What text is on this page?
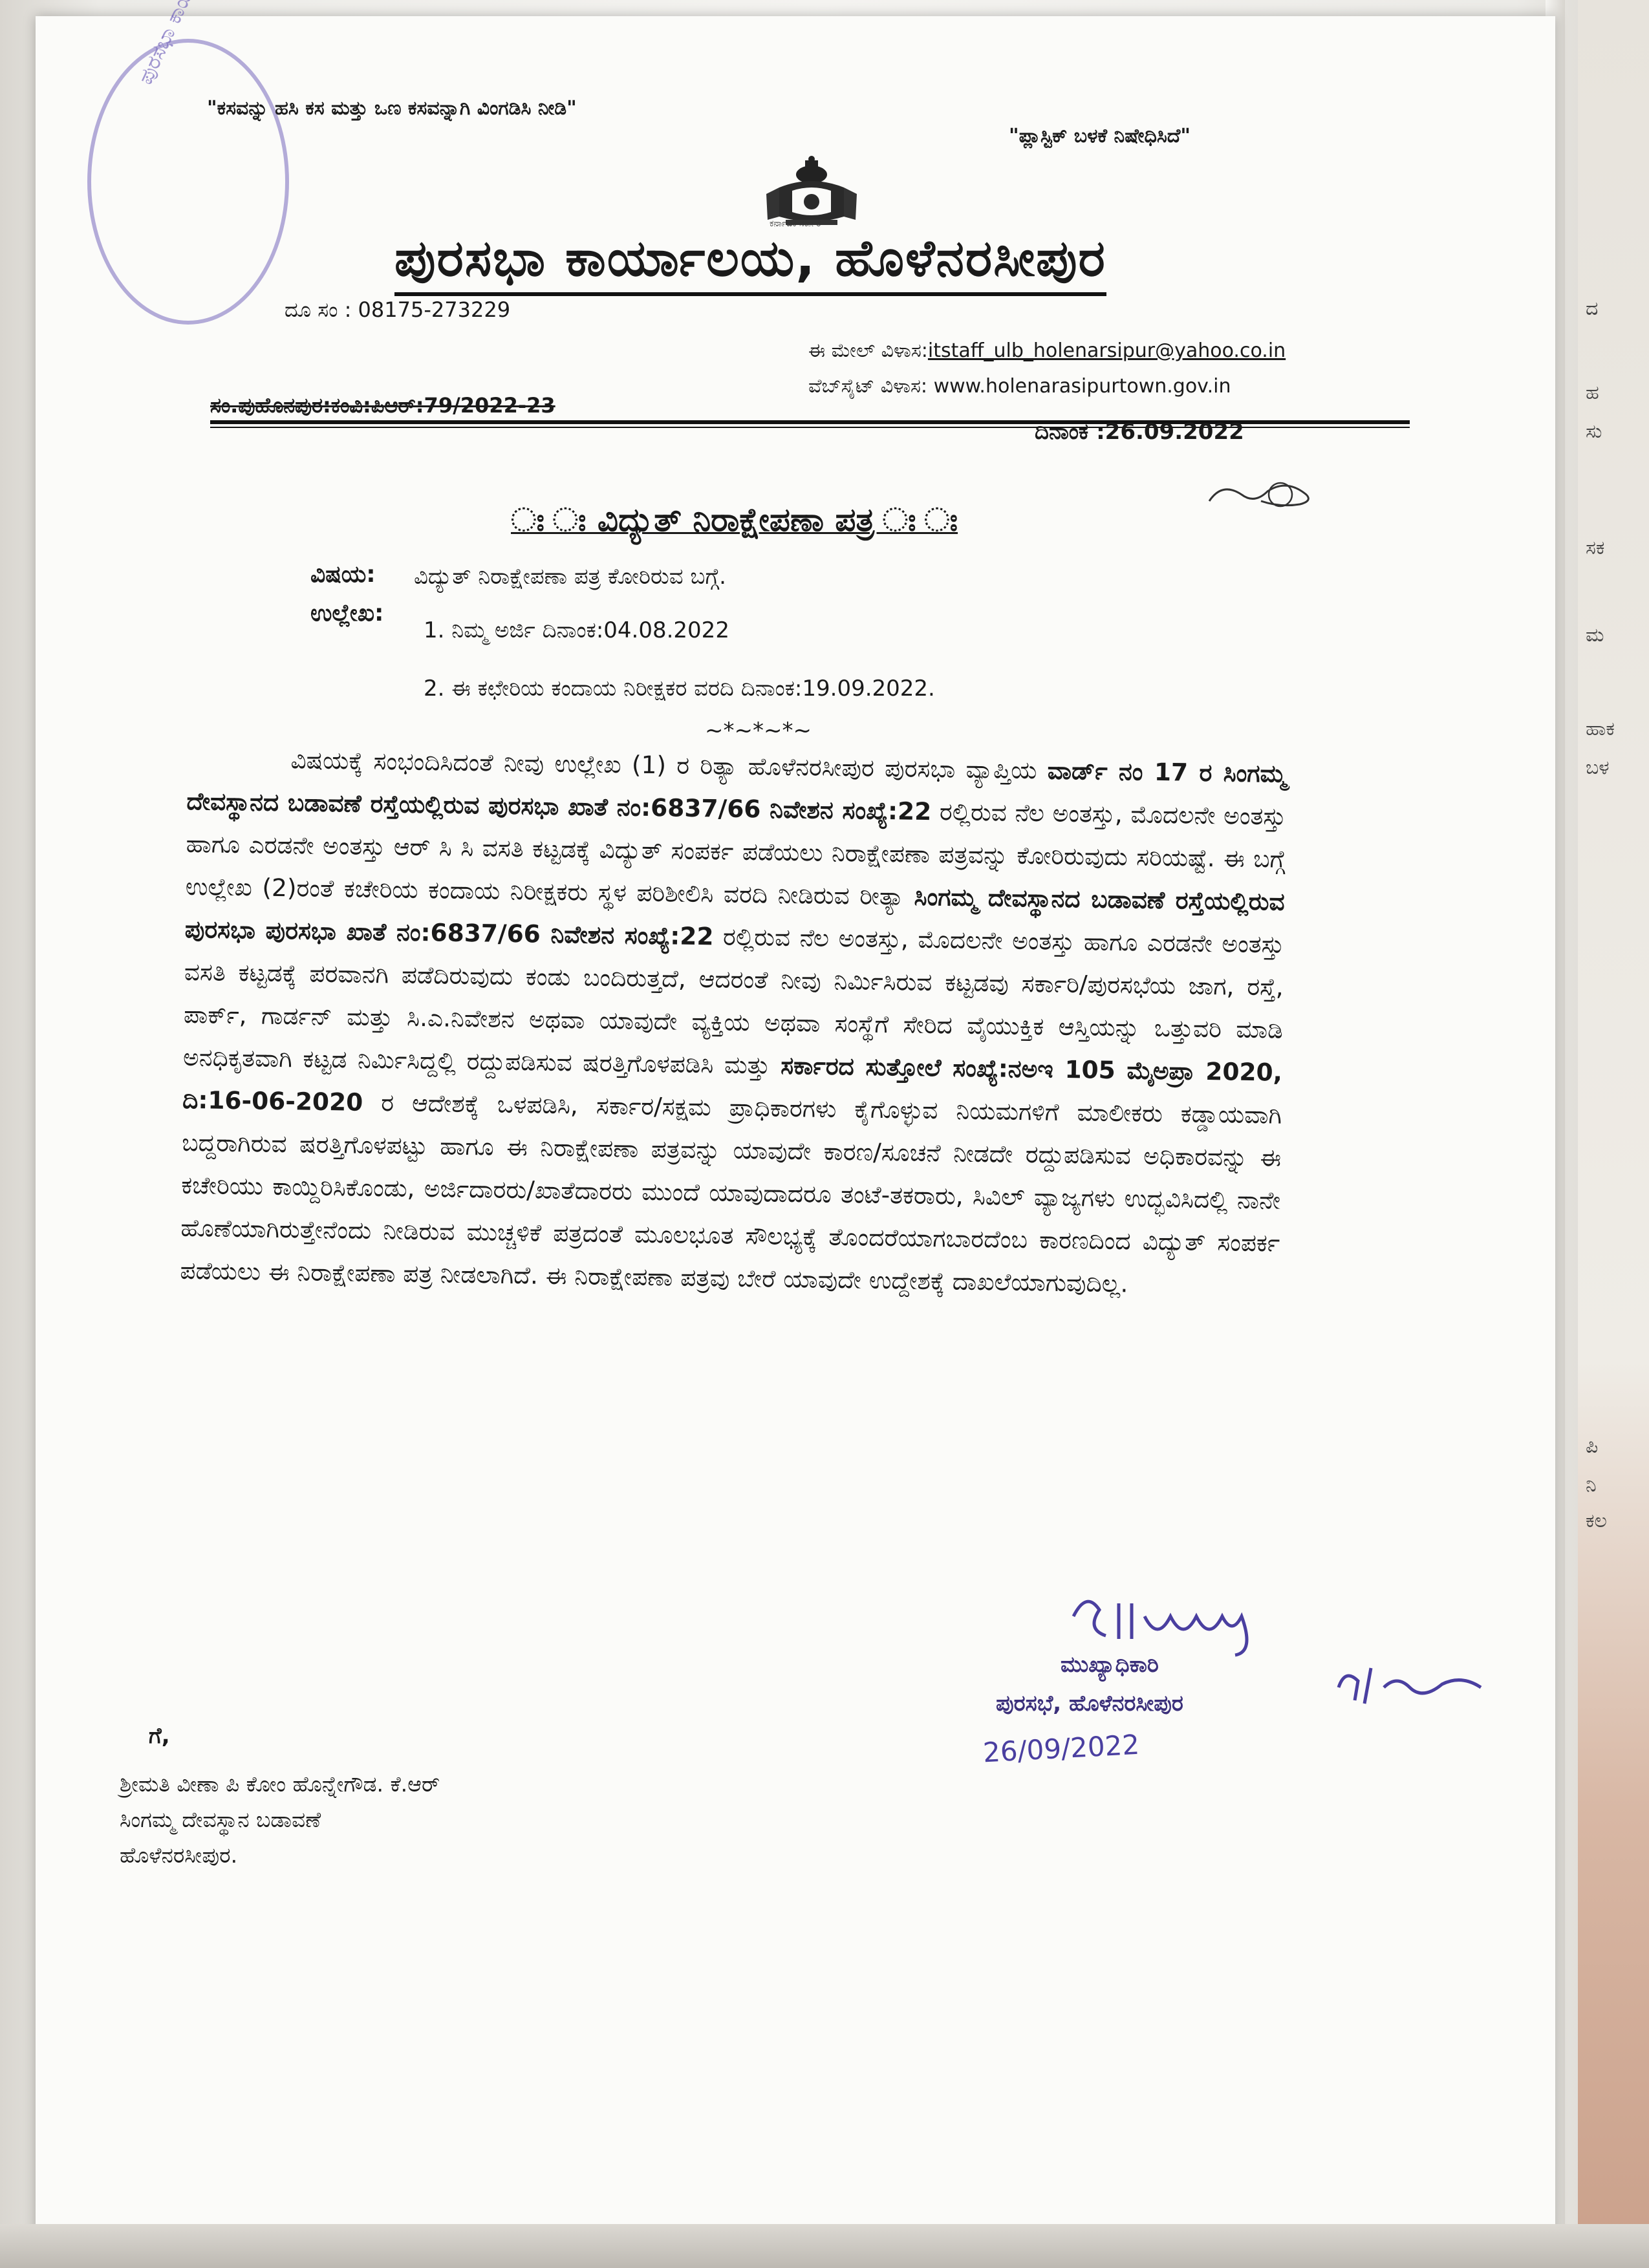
ದ
ಹ
ಸು
ಸಕ
ಮ
ಹಾಕ
ಬಳ
ಪಿ
ನಿ
ಕಲ
"ಕಸವನ್ನು ಹಸಿ ಕಸ ಮತ್ತು ಒಣ ಕಸವನ್ನಾಗಿ ವಿಂಗಡಿಸಿ ನೀಡಿ"
"ಪ್ಲಾಸ್ಟಿಕ್ ಬಳಕೆ ನಿಷೇಧಿಸಿದೆ"
ಕರ್ನಾಟಕ ಸರ್ಕಾರ
ಪುರಸಭಾ ಕಾರ್ಯಾಲಯ, ಹೊಳೆನರಸೀಪುರ
ದೂ ಸಂ : 08175-273229
ಈ ಮೇಲ್ ವಿಳಾಸ:itstaff_ulb_holenarsipur@yahoo.co.in
ವೆಬ್‌ಸೈಟ್ ವಿಳಾಸ: www.holenarasipurtown.gov.in
ಸಂ.ಪುಹೊನಪುರ:ಕಂವಿ:ಪಿಆರ್:79/2022-23
ದಿನಾಂಕ :26.09.2022
ಃ ಃ ವಿದ್ಯುತ್ ನಿರಾಕ್ಷೇಪಣಾ ಪತ್ರ ಃ ಃ
ವಿಷಯ: ವಿದ್ಯುತ್ ನಿರಾಕ್ಷೇಪಣಾ ಪತ್ರ ಕೋರಿರುವ ಬಗ್ಗೆ.
ಉಲ್ಲೇಖ:
1. ನಿಮ್ಮ ಅರ್ಜಿ ದಿನಾಂಕ:04.08.2022
2. ಈ ಕಛೇರಿಯ ಕಂದಾಯ ನಿರೀಕ್ಷಕರ ವರದಿ ದಿನಾಂಕ:19.09.2022.
~*~*~*~
ವಿಷಯಕ್ಕೆ ಸಂಭಂದಿಸಿದಂತೆ ನೀವು ಉಲ್ಲೇಖ (1) ರ ರಿತ್ಯಾ ಹೊಳೆನರಸೀಪುರ ಪುರಸಭಾ ವ್ಯಾಪ್ತಿಯ ವಾರ್ಡ್ ನಂ 17 ರ ಸಿಂಗಮ್ಮ ದೇವಸ್ಥಾನದ ಬಡಾವಣೆ ರಸ್ತೆಯಲ್ಲಿರುವ ಪುರಸಭಾ ಖಾತೆ ನಂ:6837/66 ನಿವೇಶನ ಸಂಖ್ಯೆ:22 ರಲ್ಲಿರುವ ನೆಲ ಅಂತಸ್ತು, ಮೊದಲನೇ ಅಂತಸ್ತು ಹಾಗೂ ಎರಡನೇ ಅಂತಸ್ತು ಆರ್ ಸಿ ಸಿ ವಸತಿ ಕಟ್ಟಡಕ್ಕೆ ವಿದ್ಯುತ್ ಸಂಪರ್ಕ ಪಡೆಯಲು ನಿರಾಕ್ಷೇಪಣಾ ಪತ್ರವನ್ನು ಕೋರಿರುವುದು ಸರಿಯಷ್ಟೆ. ಈ ಬಗ್ಗೆ ಉಲ್ಲೇಖ (2)ರಂತೆ ಕಚೇರಿಯ ಕಂದಾಯ ನಿರೀಕ್ಷಕರು ಸ್ಥಳ ಪರಿಶೀಲಿಸಿ ವರದಿ ನೀಡಿರುವ ರೀತ್ಯಾ ಸಿಂಗಮ್ಮ ದೇವಸ್ಥಾನದ ಬಡಾವಣೆ ರಸ್ತೆಯಲ್ಲಿರುವ ಪುರಸಭಾ ಪುರಸಭಾ ಖಾತೆ ನಂ:6837/66 ನಿವೇಶನ ಸಂಖ್ಯೆ:22 ರಲ್ಲಿರುವ ನೆಲ ಅಂತಸ್ತು, ಮೊದಲನೇ ಅಂತಸ್ತು ಹಾಗೂ ಎರಡನೇ ಅಂತಸ್ತು ವಸತಿ ಕಟ್ಟಡಕ್ಕೆ ಪರವಾನಗಿ ಪಡೆದಿರುವುದು ಕಂಡು ಬಂದಿರುತ್ತದೆ, ಆದರಂತೆ ನೀವು ನಿರ್ಮಿಸಿರುವ ಕಟ್ಟಡವು ಸರ್ಕಾರಿ/ಪುರಸಭೆಯ ಜಾಗ, ರಸ್ತೆ, ಪಾರ್ಕ್, ಗಾರ್ಡನ್ ಮತ್ತು ಸಿ.ಎ.ನಿವೇಶನ ಅಥವಾ ಯಾವುದೇ ವ್ಯಕ್ತಿಯ ಅಥವಾ ಸಂಸ್ಥೆಗೆ ಸೇರಿದ ವೈಯುಕ್ತಿಕ ಆಸ್ತಿಯನ್ನು ಒತ್ತುವರಿ ಮಾಡಿ ಅನಧಿಕೃತವಾಗಿ ಕಟ್ಟಡ ನಿರ್ಮಿಸಿದ್ದಲ್ಲಿ ರದ್ದುಪಡಿಸುವ ಷರತ್ತಿಗೊಳಪಡಿಸಿ ಮತ್ತು ಸರ್ಕಾರದ ಸುತ್ತೋಲೆ ಸಂಖ್ಯೆ:ನಅಇ 105 ಮೈಅಪ್ರಾ 2020, ದಿ:16-06-2020 ರ ಆದೇಶಕ್ಕೆ ಒಳಪಡಿಸಿ, ಸರ್ಕಾರ/ಸಕ್ಷಮ ಪ್ರಾಧಿಕಾರಗಳು ಕೈಗೊಳ್ಳುವ ನಿಯಮಗಳಿಗೆ ಮಾಲೀಕರು ಕಡ್ಡಾಯವಾಗಿ ಬದ್ದರಾಗಿರುವ ಷರತ್ತಿಗೊಳಪಟ್ಟು ಹಾಗೂ ಈ ನಿರಾಕ್ಷೇಪಣಾ ಪತ್ರವನ್ನು ಯಾವುದೇ ಕಾರಣ/ಸೂಚನೆ ನೀಡದೇ ರದ್ದುಪಡಿಸುವ ಅಧಿಕಾರವನ್ನು ಈ ಕಚೇರಿಯು ಕಾಯ್ದಿರಿಸಿಕೊಂಡು, ಅರ್ಜಿದಾರರು/ಖಾತೆದಾರರು ಮುಂದೆ ಯಾವುದಾದರೂ ತಂಟೆ-ತಕರಾರು, ಸಿವಿಲ್ ವ್ಯಾಜ್ಯಗಳು ಉದ್ಭವಿಸಿದಲ್ಲಿ ನಾನೇ ಹೊಣೆಯಾಗಿರುತ್ತೇನೆಂದು ನೀಡಿರುವ ಮುಚ್ಚಳಿಕೆ ಪತ್ರದಂತೆ ಮೂಲಭೂತ ಸೌಲಭ್ಯಕ್ಕೆ ತೊಂದರೆಯಾಗಬಾರದೆಂಬ ಕಾರಣದಿಂದ ವಿದ್ಯುತ್ ಸಂಪರ್ಕ ಪಡೆಯಲು ಈ ನಿರಾಕ್ಷೇಪಣಾ ಪತ್ರ ನೀಡಲಾಗಿದೆ. ಈ ನಿರಾಕ್ಷೇಪಣಾ ಪತ್ರವು ಬೇರೆ ಯಾವುದೇ ಉದ್ದೇಶಕ್ಕೆ ದಾಖಲೆಯಾಗುವುದಿಲ್ಲ.
ಮುಖ್ಯಾಧಿಕಾರಿ
ಪುರಸಭೆ, ಹೊಳೆನರಸೀಪುರ
26/09/2022
ಗೆ,
ಶ್ರೀಮತಿ ವೀಣಾ ಪಿ ಕೋಂ ಹೊನ್ನೇಗೌಡ. ಕೆ.ಆರ್
ಸಿಂಗಮ್ಮ ದೇವಸ್ಥಾನ ಬಡಾವಣೆ
ಹೊಳೆನರಸೀಪುರ.
